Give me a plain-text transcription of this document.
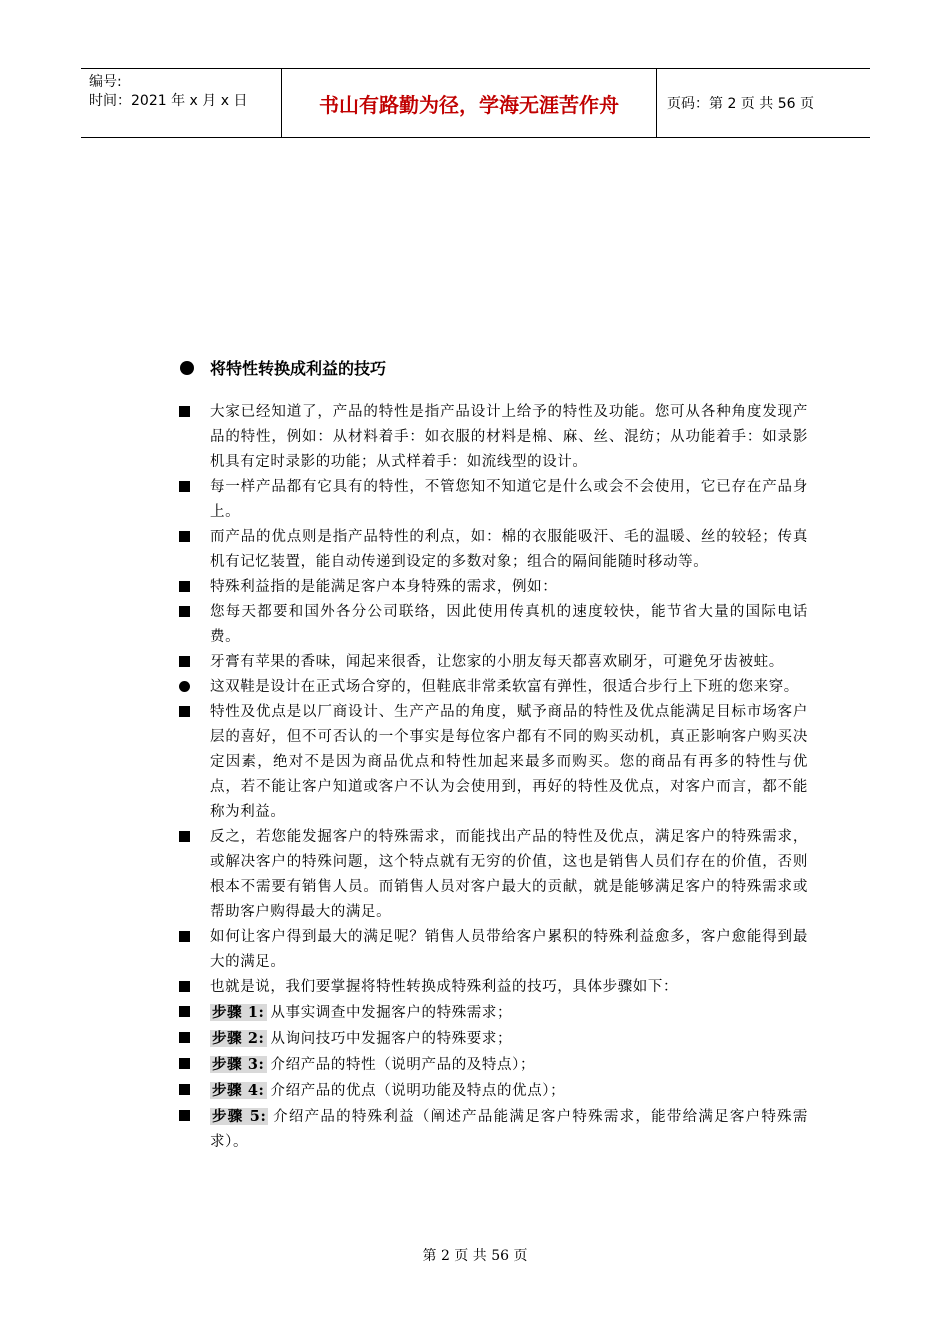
编号:
时间：2021 年 x 月 x 日	书山有路勤为径，学海无涯苦作舟	页码：第 2 页 共 56 页
将特性转换成利益的技巧
大家已经知道了，产品的特性是指产品设计上给予的特性及功能。您可从各种角度发现产品的特性，例如：从材料着手：如衣服的材料是棉、麻、丝、混纺；从功能着手：如录影机具有定时录影的功能；从式样着手：如流线型的设计。
每一样产品都有它具有的特性，不管您知不知道它是什么或会不会使用，它已存在产品身上。
而产品的优点则是指产品特性的利点，如：棉的衣服能吸汗、毛的温暖、丝的较轻；传真机有记忆装置，能自动传递到设定的多数对象；组合的隔间能随时移动等。
特殊利益指的是能满足客户本身特殊的需求，例如：
您每天都要和国外各分公司联络，因此使用传真机的速度较快，能节省大量的国际电话费。
牙膏有苹果的香味，闻起来很香，让您家的小朋友每天都喜欢刷牙，可避免牙齿被蛀。
这双鞋是设计在正式场合穿的，但鞋底非常柔软富有弹性，很适合步行上下班的您来穿。
特性及优点是以厂商设计、生产产品的角度，赋予商品的特性及优点能满足目标市场客户层的喜好，但不可否认的一个事实是每位客户都有不同的购买动机，真正影响客户购买决定因素，绝对不是因为商品优点和特性加起来最多而购买。您的商品有再多的特性与优点，若不能让客户知道或客户不认为会使用到，再好的特性及优点，对客户而言，都不能称为利益。
反之，若您能发掘客户的特殊需求，而能找出产品的特性及优点，满足客户的特殊需求，或解决客户的特殊问题，这个特点就有无穷的价值，这也是销售人员们存在的价值，否则根本不需要有销售人员。而销售人员对客户最大的贡献，就是能够满足客户的特殊需求或帮助客户购得最大的满足。
如何让客户得到最大的满足呢？销售人员带给客户累积的特殊利益愈多，客户愈能得到最大的满足。
也就是说，我们要掌握将特性转换成特殊利益的技巧，具体步骤如下：
步骤 1: 从事实调查中发掘客户的特殊需求；
步骤 2: 从询问技巧中发掘客户的特殊要求；
步骤 3: 介绍产品的特性（说明产品的及特点）；
步骤 4: 介绍产品的优点（说明功能及特点的优点）；
步骤 5: 介绍产品的特殊利益（阐述产品能满足客户特殊需求，能带给满足客户特殊需求）。
第 2 页 共 56 页
